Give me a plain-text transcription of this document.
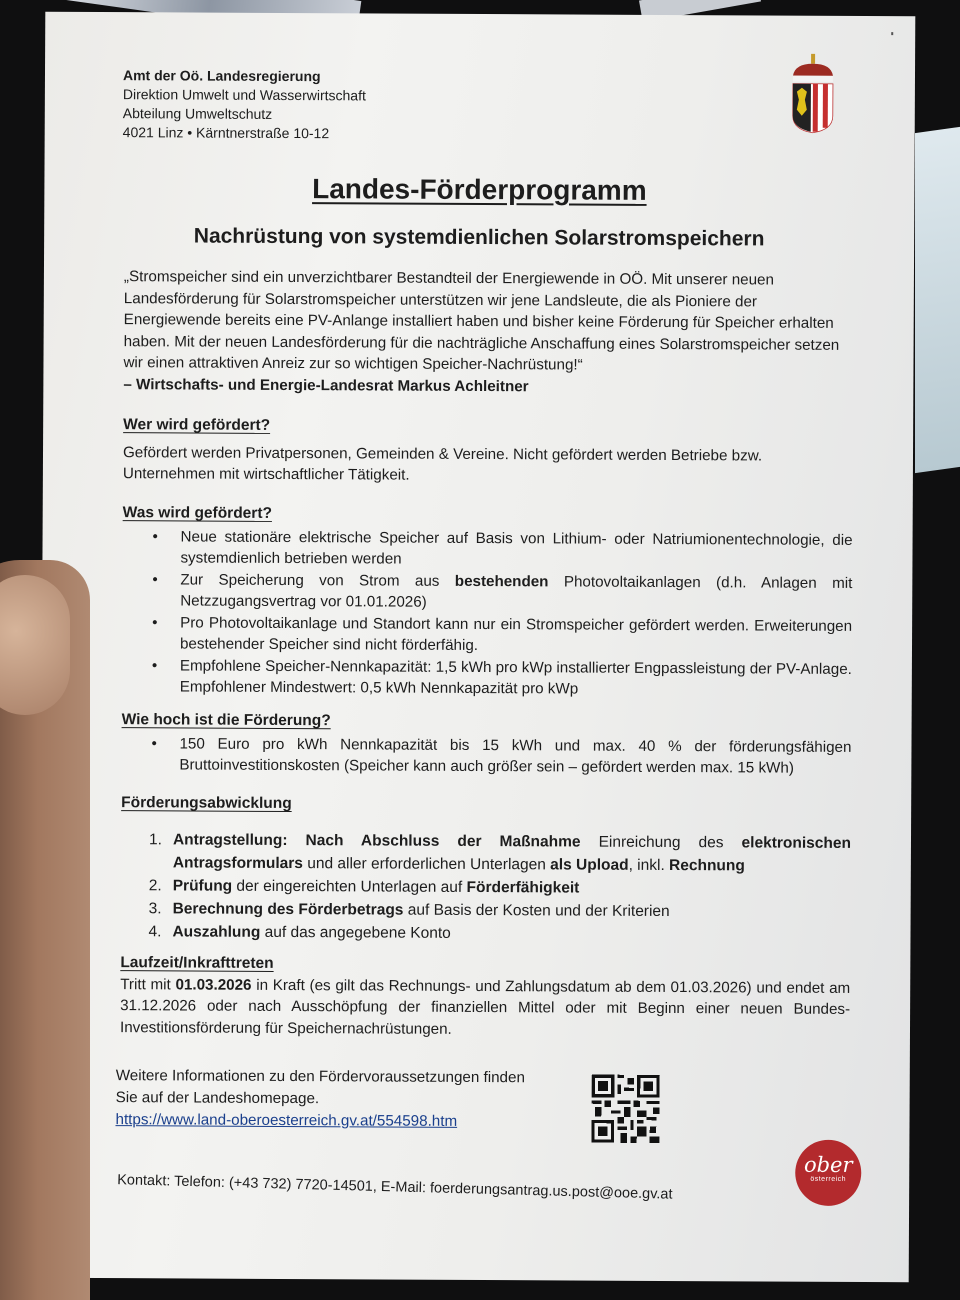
Amt der Oö. Landesregierung
Direktion Umwelt und Wasserwirtschaft
Abteilung Umweltschutz
4021 Linz • Kärntnerstraße 10-12
Landes-Förderprogramm
Nachrüstung von systemdienlichen Solarstromspeichern
„Stromspeicher sind ein unverzichtbarer Bestandteil der Energiewende in OÖ. Mit unserer neuen Landesförderung für Solarstromspeicher unterstützen wir jene Landsleute, die als Pioniere der Energiewende bereits eine PV-Anlange installiert haben und bisher keine Förderung für Speicher erhalten haben. Mit der neuen Landesförderung für die nachträgliche Anschaffung eines Solarstromspeicher setzen wir einen attraktiven Anreiz zur so wichtigen Speicher-Nachrüstung!“
– Wirtschafts- und Energie-Landesrat Markus Achleitner
Wer wird gefördert?

Gefördert werden Privatpersonen, Gemeinden & Vereine. Nicht gefördert werden Betriebe bzw. Unternehmen mit wirtschaftlicher Tätigkeit.

Was wird gefördert?
• Neue stationäre elektrische Speicher auf Basis von Lithium- oder Natriumionentechnologie, die systemdienlich betrieben werden
• Zur Speicherung von Strom aus bestehenden Photovoltaikanlagen (d.h. Anlagen mit Netzzugangsvertrag vor 01.01.2026)
• Pro Photovoltaikanlage und Standort kann nur ein Stromspeicher gefördert werden. Erweiterungen bestehender Speicher sind nicht förderfähig.
• Empfohlene Speicher-Nennkapazität: 1,5 kWh pro kWp installierter Engpassleistung der PV-Anlage. Empfohlener Mindestwert: 0,5 kWh Nennkapazität pro kWp
Wie hoch ist die Förderung?
• 150 Euro pro kWh Nennkapazität bis 15 kWh und max. 40 % der förderungsfähigen Bruttoinvestitionskosten (Speicher kann auch größer sein – gefördert werden max. 15 kWh)
Förderungsabwicklung
1. Antragstellung: Nach Abschluss der Maßnahme Einreichung des elektronischen Antragsformulars und aller erforderlichen Unterlagen als Upload, inkl. Rechnung
2. Prüfung der eingereichten Unterlagen auf Förderfähigkeit
3. Berechnung des Förderbetrags auf Basis der Kosten und der Kriterien
4. Auszahlung auf das angegebene Konto
Laufzeit/Inkrafttreten

Tritt mit 01.03.2026 in Kraft (es gilt das Rechnungs- und Zahlungsdatum ab dem 01.03.2026) und endet am 31.12.2026 oder nach Ausschöpfung der finanziellen Mittel oder mit Beginn einer neuen Bundes-Investitionsförderung für Speichernachrüstungen.

Weitere Informationen zu den Fördervoraussetzungen finden
Sie auf der Landeshomepage.
https://www.land-oberoesterreich.gv.at/554598.htm
Kontakt: Telefon: (+43 732) 7720-14501, E-Mail: foerderungsantrag.us.post@ooe.gv.at
ober
österreich
